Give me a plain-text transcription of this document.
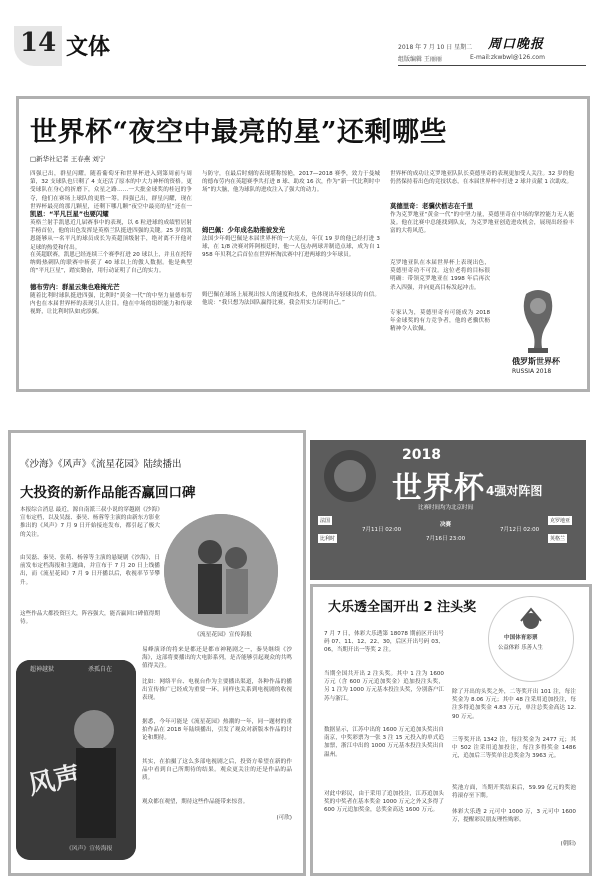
14 文体	2018 年 7 月 10 日 星期二
组版编辑 王丽丽	E-mail:zkwbwl@126.com
周口晚报
世界杯“夜空中最亮的星”还剩哪些
□新华社记者 王春燕 刘宁
四强已出，群星闪耀。随着葡萄牙和世界杯进入到第周前与周第，32 支球队也只剩了 4 支还活了原本的中大力神杯的资格。更受球队在身心的折磨下，众星之路……一大批金球奖的桂冠的争夺，他们在赛场上球队的更胜一筹。四强已出，群星闪耀，现在世界杯最亮的那几颗星，还剩下哪几颗“夜空中最亮的星”还在一
凯恩：“平凡巨星”也要闪耀
英格兰射手凯恩近几届赛事中的表现，以 6 粒进球的成绩暂居射手榜首位，他的出色发挥是英格兰队挺进四强的关键。25 岁的凯恩能够从一名平凡的球员成长为英超顶级射手，绝对离不开他对足球的热爱和付出。
在英超联赛，凯恩已经连续三个赛季打进 20 球以上，并且在托特纳姆热刺队的联赛中斩获了 40 球以上的傲人数据。他是典型的“平凡巨星”，踏实勤奋，用行动证明了自己的实力。
德布劳内：群星云集也难掩光芒
随着比利时球队挺进四强，比利时“黄金一代”的中坚力量德布劳内也在本届世界杯的表现引人注目。他在中场的组织能力和传球视野，让比利时队如虎添翼。
与防守，在最后时刻的表现堪称惊艳，2017—2018 赛季，效力于曼城的德布劳内在英超赛季共打进 8 球、助攻 16 次，作为“新一代比利时中场”的大脑，他为球队的进攻注入了强大的动力。
姆巴佩：少年成名助推彼发光
法国少年姆巴佩是本届世界杯的一大亮点，年仅 19 岁的他已经打进 3 球，在 1/8 决赛对阵阿根廷时，他一人包办两球并制造点球，成为自 1958 年贝利之后首位在世界杯淘汰赛中打进两球的少年球员。
姆巴佩在球场上展现出惊人的速度和技术，也体现出年轻球员的自信。他说：“我只想为法国队赢得比赛，我会用实力证明自己。”
世界杯的成功让克罗地亚队队长莫德里奇的表现更加受人关注。32 岁的他仍然保持着出色的竞技状态，在本届世界杯中打进 2 球并贡献 1 次助攻。
莫德里奇：老骥伏枥志在千里
作为克罗地亚“黄金一代”的中坚力量，莫德里奇在中场的掌控能力无人能及。他在比赛中总能找到队友，为克罗地亚创造进攻机会，展现出经验丰富的大将风范。
克罗地亚队在本届世界杯上表现出色，莫德里奇功不可没。这位老将的目标很明确：带领克罗地亚在 1998 年后再次杀入四强，并向更高目标发起冲击。
专家认为，莫德里奇有可能成为 2018 年金球奖的有力竞争者，他的老骥伏枥精神令人钦佩。
俄罗斯世界杯
RUSSIA 2018
《沙海》《风声》《流星花园》陆续播出
大投资的新作品能否赢回口碑
本报综合消息 最近，源自南派三叔小说的穿越剧《沙海》宣布定档，以及吴磊、秦昊、杨蓉等主演的由新东方影业推出的《风声》7 月 9 日开始接连发布，都引起了极大的关注。
由吴磊、秦昊、张萌、杨蓉等主演的悬疑剧《沙海》，日前发布定档海报和主题曲，并宣布于 7 月 20 日上线播出，而《流星花园》7 月 9 日开播以后，收视率节节攀升。
这些作品大都投资巨大，阵容强大，能否赢回口碑值得期待。
《流星花园》宣传海报
超神越狱	杀孤自在
风声
《风声》宣传海报
易峰演译的将来是都还是都市神秘剧之一，秦昊继续《沙海》，这部将要播出的大电影系列，是否能够引起观众的共鸣值得关注。
比如：网络平台、电视台作为主要播出渠道，各种作品的播出宣传推广已经成为重要一环。同样也关系到电视剧的收视表现。
据悉，今年可能是《流星花园》热潮的一年，同一题材的重拍作品在 2018 年陆续播出，引发了观众对新版本作品的讨论和期待。
其实，在拍摄了这么多部电视剧之后，投资方希望在新的作品中看到自己所期待的结果。观众更关注的还是作品的品质。
观众都在观望，期待这些作品能带来惊喜。
(可欣)
2018
世界杯 4强对阵图
比赛时间均为北京时间
法国
比利时
克罗地亚
英格兰
7月11日 02:00	7月12日 02:00
决赛
7月16日 23:00
大乐透全国开出 2 注头奖
中国体育彩票
公益体彩 乐善人生
7 月 7 日，体彩大乐透第 18078 期前区开出号码 07、11、12、22、30，后区开出号码 03、06，当期开出一等奖 2 注。
当期全国共开出 2 注头奖。其中 1 注为 1600 万元（含 600 万元追加奖金）追加投注头奖，另 1 注为 1000 万元基本投注头奖，分别落户江苏与浙江。
数据显示，江苏中出的 1600 万元追加头奖出自南京，中奖彩票为一张 3 注 15 元投入的单式追加票，浙江中出的 1000 万元基本投注头奖出自温州。
对此中彩民，由于采用了追加投注，江苏追加头奖的中奖者在基本奖金 1000 万元之外又多得了 600 万元追加奖金，总奖金高达 1600 万元。
除了开出的头奖之外，二等奖开出 101 注，每注奖金为 8.06 万元；其中 48 注采用追加投注，每注多得追加奖金 4.83 万元，单注总奖金高达 12.90 万元。
三等奖开出 1342 注，每注奖金为 2477 元；其中 502 注采用追加投注，每注多得奖金 1486 元，追加后三等奖单注总奖金为 3963 元。
奖池方面，当期开奖结束后，59.99 亿元的奖池将滚存至下期。
体彩大乐透 2 元可中 1000 万，3 元可中 1600 万，提醒彩民朋友理性购彩。
(朝阳)
